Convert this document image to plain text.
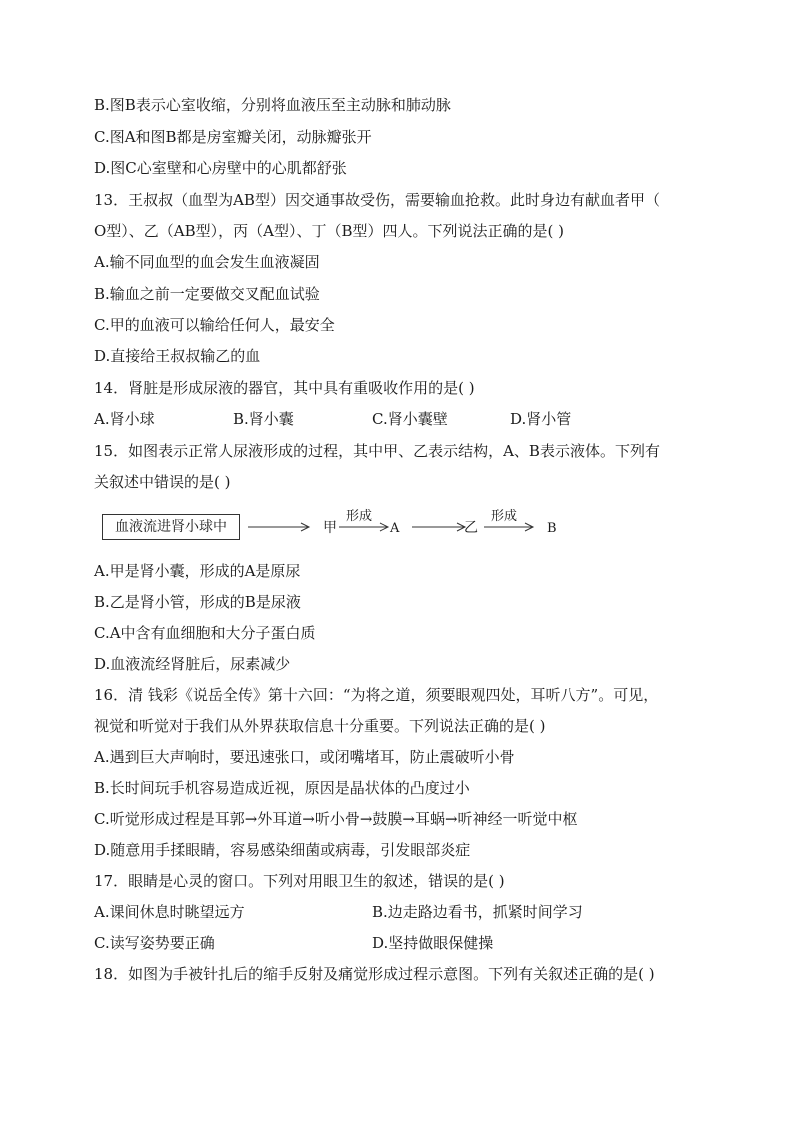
B.图B表示心室收缩，分别将血液压至主动脉和肺动脉
C.图A和图B都是房室瓣关闭，动脉瓣张开
D.图C心室壁和心房壁中的心肌都舒张
13．王叔叔（血型为AB型）因交通事故受伤，需要输血抢救。此时身边有献血者甲（
O型）、乙（AB型），丙（A型）、丁（B型）四人。下列说法正确的是( )
A.输不同血型的血会发生血液凝固
B.输血之前一定要做交叉配血试验
C.甲的血液可以输给任何人，最安全
D.直接给王叔叔输乙的血
14．肾脏是形成尿液的器官，其中具有重吸收作用的是( )
A.肾小球	B.肾小囊	C.肾小囊壁	D.肾小管
15．如图表示正常人尿液形成的过程，其中甲、乙表示结构，A、B表示液体。下列有
关叙述中错误的是( )
血液流进肾小球中	甲
形成
A	乙
形成
B
A.甲是肾小囊，形成的A是原尿
B.乙是肾小管，形成的B是尿液
C.A中含有血细胞和大分子蛋白质
D.血液流经肾脏后，尿素减少
16．清 钱彩《说岳全传》第十六回：“为将之道，须要眼观四处，耳听八方”。可见，
视觉和听觉对于我们从外界获取信息十分重要。下列说法正确的是( )
A.遇到巨大声响时，要迅速张口，或闭嘴堵耳，防止震破听小骨
B.长时间玩手机容易造成近视，原因是晶状体的凸度过小
C.听觉形成过程是耳郭→外耳道→听小骨→鼓膜→耳蜗→听神经一听觉中枢
D.随意用手揉眼睛，容易感染细菌或病毒，引发眼部炎症
17．眼睛是心灵的窗口。下列对用眼卫生的叙述，错误的是( )
A.课间休息时眺望远方	B.边走路边看书，抓紧时间学习
C.读写姿势要正确	D.坚持做眼保健操
18．如图为手被针扎后的缩手反射及痛觉形成过程示意图。下列有关叙述正确的是( )
